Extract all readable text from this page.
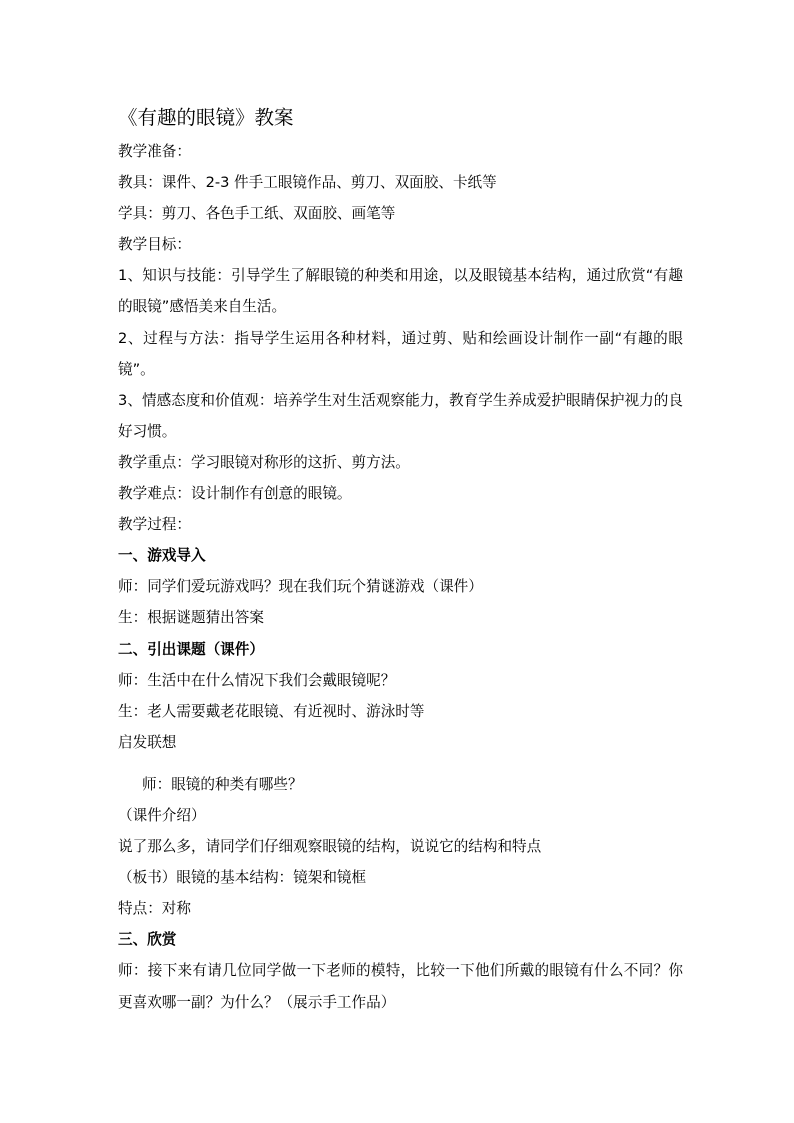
《有趣的眼镜》教案

教学准备：

教具：课件、2-3 件手工眼镜作品、剪刀、双面胶、卡纸等

学具：剪刀、各色手工纸、双面胶、画笔等

教学目标：

1、知识与技能：引导学生了解眼镜的种类和用途，以及眼镜基本结构，通过欣赏“有趣的眼镜”感悟美来自生活。

2、过程与方法：指导学生运用各种材料，通过剪、贴和绘画设计制作一副“有趣的眼镜”。

3、情感态度和价值观：培养学生对生活观察能力，教育学生养成爱护眼睛保护视力的良好习惯。

教学重点：学习眼镜对称形的这折、剪方法。

教学难点：设计制作有创意的眼镜。

教学过程：

一、游戏导入

师：同学们爱玩游戏吗？现在我们玩个猜谜游戏（课件）

生：根据谜题猜出答案

二、引出课题（课件）

师：生活中在什么情况下我们会戴眼镜呢？

生：老人需要戴老花眼镜、有近视时、游泳时等

启发联想

师：眼镜的种类有哪些？

（课件介绍）

说了那么多，请同学们仔细观察眼镜的结构，说说它的结构和特点

（板书）眼镜的基本结构：镜架和镜框

特点：对称

三、欣赏

师：接下来有请几位同学做一下老师的模特，比较一下他们所戴的眼镜有什么不同？你更喜欢哪一副？为什么？（展示手工作品）
